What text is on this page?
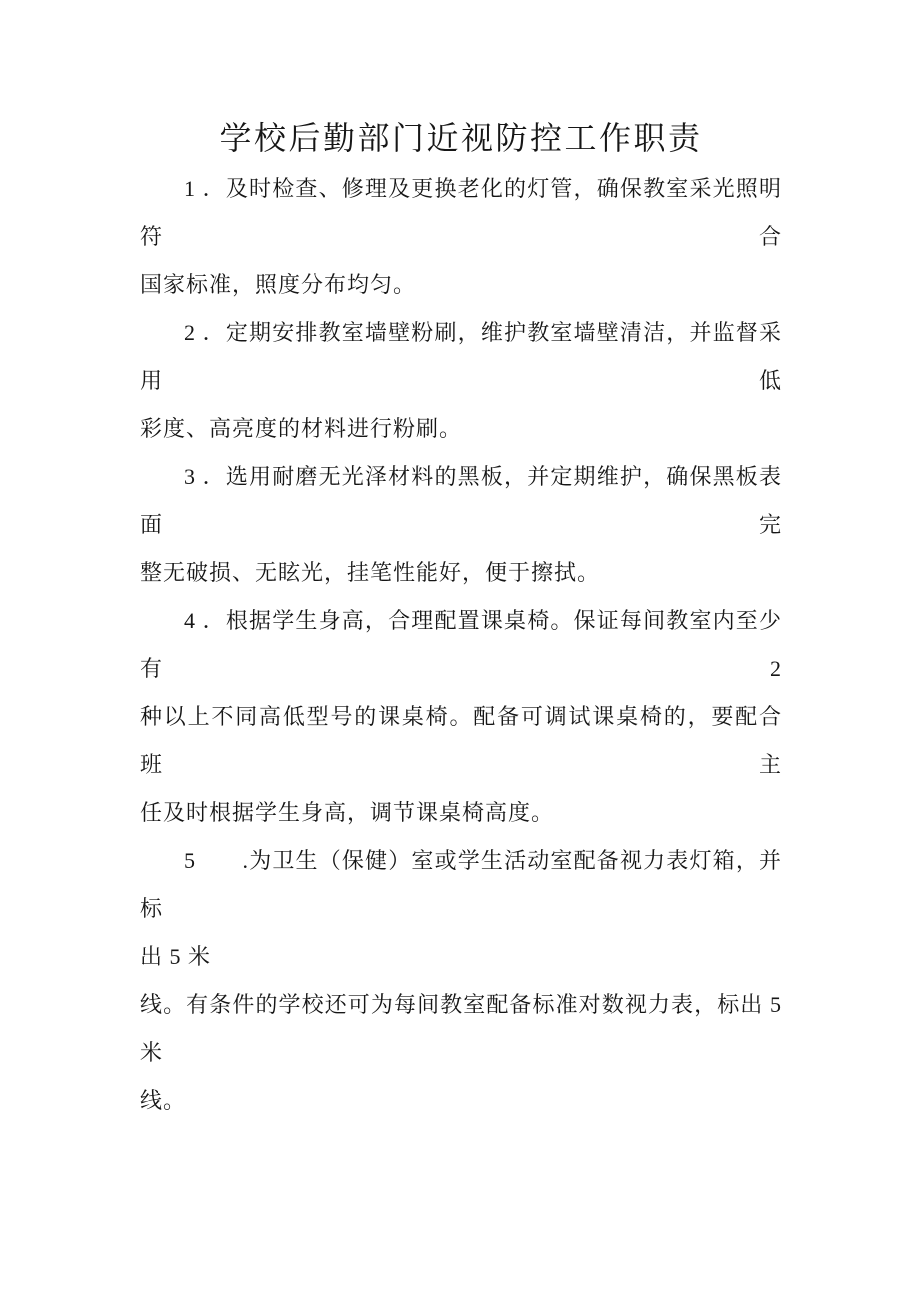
学校后勤部门近视防控工作职责
1 ．及时检查、修理及更换老化的灯管，确保教室采光照明符合
国家标准，照度分布均匀。
2 ．定期安排教室墙壁粉刷，维护教室墙壁清洁，并监督采用低
彩度、高亮度的材料进行粉刷。
3 ．选用耐磨无光泽材料的黑板，并定期维护，确保黑板表面完
整无破损、无眩光，挂笔性能好，便于擦拭。
4 ．根据学生身高，合理配置课桌椅。保证每间教室内至少有 2
种以上不同高低型号的课桌椅。配备可调试课桌椅的，要配合班主
任及时根据学生身高，调节课桌椅高度。
5　　.为卫生（保健）室或学生活动室配备视力表灯箱，并标
出 5 米
线。有条件的学校还可为每间教室配备标准对数视力表，标出 5 米
线。
